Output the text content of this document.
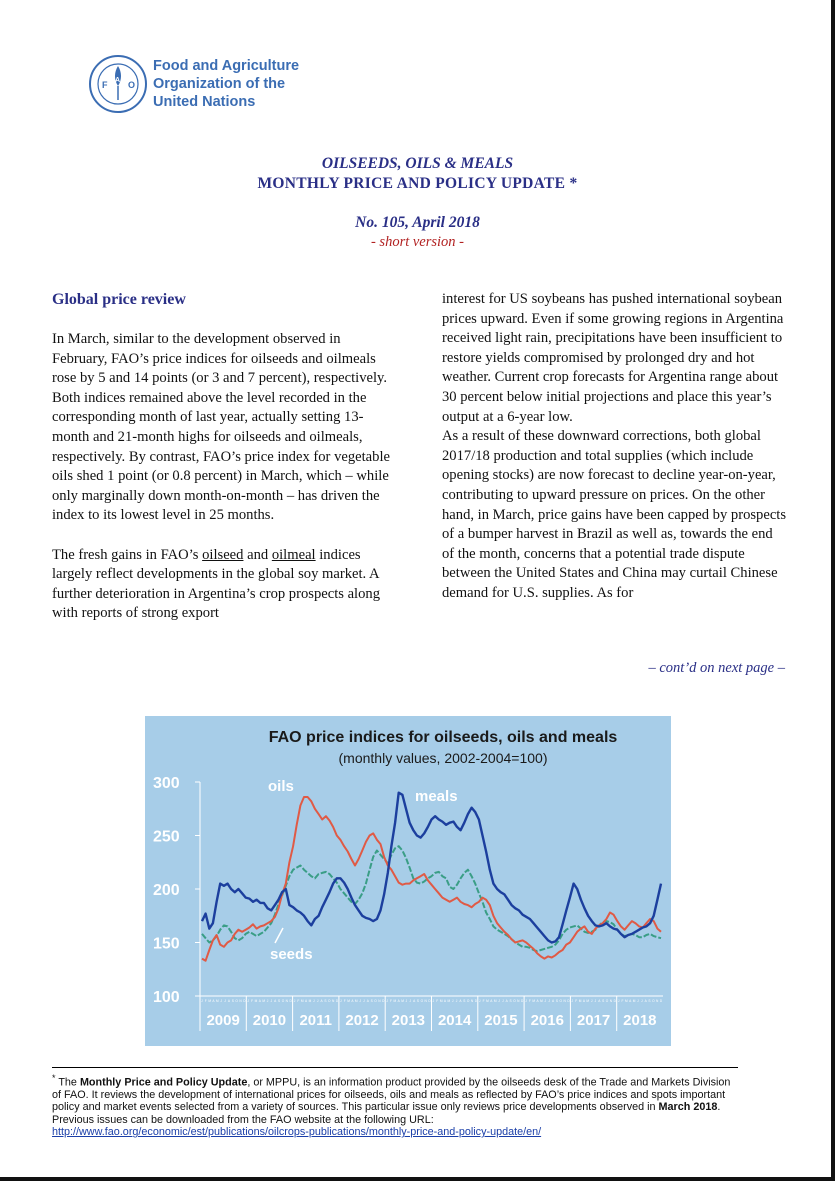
F O
A
Food and Agriculture
Organization of the
United Nations
OILSEEDS, OILS & MEALS
MONTHLY PRICE AND POLICY UPDATE *
No. 105, April 2018
- short version -
Global price review

In March, similar to the development observed in February, FAO’s price indices for oilseeds and oilmeals rose by 5 and 14 points (or 3 and 7 percent), respectively. Both indices remained above the level recorded in the corresponding month of last year, actually setting 13-month and 21-month highs for oilseeds and oilmeals, respectively. By contrast, FAO’s price index for vegetable oils shed 1 point (or 0.8 percent) in March, which – while only marginally down month-on-month – has driven the index to its lowest level in 25 months.

The fresh gains in FAO’s oilseed and oilmeal indices largely reflect developments in the global soy market. A further deterioration in Argentina’s crop prospects along with reports of strong export

interest for US soybeans has pushed international soybean prices upward. Even if some growing regions in Argentina received light rain, precipitations have been insufficient to restore yields compromised by prolonged dry and hot weather. Current crop forecasts for Argentina range about 30 percent below initial projections and place this year’s output at a 6-year low.

As a result of these downward corrections, both global 2017/18 production and total supplies (which include opening stocks) are now forecast to decline year-on-year, contributing to upward pressure on prices. On the other hand, in March, price gains have been capped by prospects of a bumper harvest in Brazil as well as, towards the end of the month, concerns that a potential trade dispute between the United States and China may curtail Chinese demand for U.S. supplies. As for

– cont’d on next page –
FAO price indices for oilseeds, oils and meals
(monthly values, 2002-2004=100)
300
250
200
150
100	J F M A M J J A S O N D
2009
J F M A M J J A S O N D
2010
J F M A M J J A S O N D
2011
J F M A M J J A S O N D
2012
J F M A M J J A S O N D
2013
J F M A M J J A S O N D
2014
J F M A M J J A S O N D
2015
J F M A M J J A S O N D
2016
J F M A M J J A S O N D
2017
J F M A M J J A S O N D
2018
oils
meals
seeds

* The Monthly Price and Policy Update, or MPPU, is an information product provided by the oilseeds desk of the Trade and Markets Division of FAO. It reviews the development of international prices for oilseeds, oils and meals as reflected by FAO’s price indices and spots important policy and market events selected from a variety of sources. This particular issue only reviews price developments observed in March 2018. Previous issues can be downloaded from the FAO website at the following URL:

http://www.fao.org/economic/est/publications/oilcrops-publications/monthly-price-and-policy-update/en/
